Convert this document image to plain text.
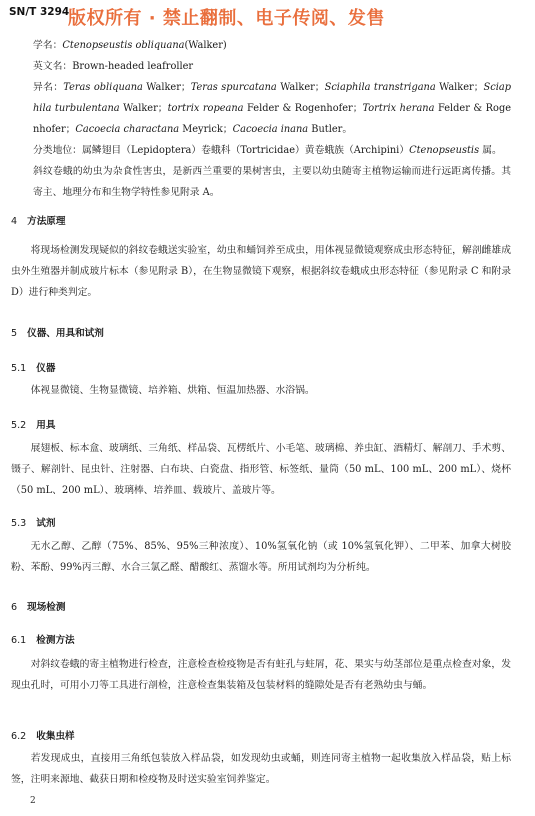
SN/T 3294
版权所有 · 禁止翻制、电子传阅、发售

学名：Ctenopseustis obliquana(Walker)

英文名：Brown-headed leafroller

异名：Teras obliquana Walker；Teras spurcatana Walker；Sciaphila transtrigana Walker；Sciaphila turbulentana Walker；tortrix ropeana Felder & Rogenhofer；Tortrix herana Felder & Rogenhofer；Cacoecia charactana Meyrick；Cacoecia inana Butler。

分类地位：属鳞翅目（Lepidoptera）卷蛾科（Tortricidae）黄卷蛾族（Archipini）Ctenopseustis 属。

斜纹卷蛾的幼虫为杂食性害虫，是新西兰重要的果树害虫，主要以幼虫随寄主植物运输而进行远距离传播。其寄主、地理分布和生物学特性参见附录 A。

4 方法原理

将现场检测发现疑似的斜纹卷蛾送实验室，幼虫和蛹饲养至成虫，用体视显微镜观察成虫形态特征，解剖雌雄成虫外生殖器并制成玻片标本（参见附录 B），在生物显微镜下观察，根据斜纹卷蛾成虫形态特征（参见附录 C 和附录 D）进行种类判定。

5 仪器、用具和试剂
5.1 仪器

体视显微镜、生物显微镜、培养箱、烘箱、恒温加热器、水浴锅。

5.2 用具

展翅板、标本盒、玻璃纸、三角纸、样品袋、瓦楞纸片、小毛笔、玻璃棉、养虫缸、酒精灯、解剖刀、手术剪、镊子、解剖针、昆虫针、注射器、白布块、白瓷盘、指形管、标签纸、量筒（50 mL、100 mL、200 mL）、烧杯（50 mL、200 mL）、玻璃棒、培养皿、载玻片、盖玻片等。

5.3 试剂

无水乙醇、乙醇（75%、85%、95%三种浓度）、10%氢氧化钠（或 10%氢氧化钾）、二甲苯、加拿大树胶粉、苯酚、99%丙三醇、水合三氯乙醛、醋酸红、蒸馏水等。所用试剂均为分析纯。

6 现场检测
6.1 检测方法

对斜纹卷蛾的寄主植物进行检查，注意检查检疫物是否有蛀孔与蛀屑，花、果实与幼茎部位是重点检查对象，发现虫孔时，可用小刀等工具进行剖检，注意检查集装箱及包装材料的缝隙处是否有老熟幼虫与蛹。

6.2 收集虫样

若发现成虫，直接用三角纸包装放入样品袋，如发现幼虫或蛹，则连同寄主植物一起收集放入样品袋，贴上标签，注明来源地、截获日期和检疫物及时送实验室饲养鉴定。

2
